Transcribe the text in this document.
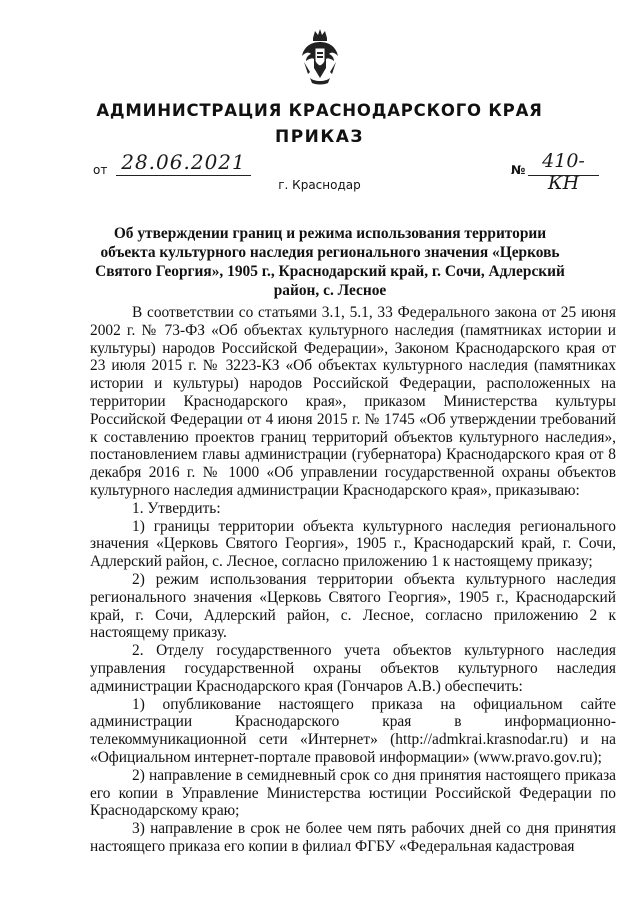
АДМИНИСТРАЦИЯ КРАСНОДАРСКОГО КРАЯ
ПРИКАЗ
от 28.06.2021	№ 410-КН
г. Краснодар
Об утверждении границ и режима использования территории объекта культурного наследия регионального значения «Церковь Святого Георгия», 1905 г., Краснодарский край, г. Сочи, Адлерский район, с. Лесное

В соответствии со статьями 3.1, 5.1, 33 Федерального закона от 25 июня 2002 г. № 73-ФЗ «Об объектах культурного наследия (памятниках истории и культуры) народов Российской Федерации», Законом Краснодарского края от 23 июля 2015 г. № 3223-КЗ «Об объектах культурного наследия (памятниках истории и культуры) народов Российской Федерации, расположенных на территории Краснодарского края», приказом Министерства культуры Российской Федерации от 4 июня 2015 г. № 1745 «Об утверждении требований к составлению проектов границ территорий объектов культурного наследия», постановлением главы администрации (губернатора) Краснодарского края от 8 декабря 2016 г. № 1000 «Об управлении государственной охраны объектов культурного наследия администрации Краснодарского края», приказываю:

1. Утвердить:

1) границы территории объекта культурного наследия регионального значения «Церковь Святого Георгия», 1905 г., Краснодарский край, г. Сочи, Адлерский район, с. Лесное, согласно приложению 1 к настоящему приказу;

2) режим использования территории объекта культурного наследия регионального значения «Церковь Святого Георгия», 1905 г., Краснодарский край, г. Сочи, Адлерский район, с. Лесное, согласно приложению 2 к настоящему приказу.

2. Отделу государственного учета объектов культурного наследия управления государственной охраны объектов культурного наследия администрации Краснодарского края (Гончаров А.В.) обеспечить:

1) опубликование настоящего приказа на официальном сайте администрации Краснодарского края в информационно-телекоммуникационной сети «Интернет» (http://admkrai.krasnodar.ru) и на «Официальном интернет-портале правовой информации» (www.pravo.gov.ru);

2) направление в семидневный срок со дня принятия настоящего приказа его копии в Управление Министерства юстиции Российской Федерации по Краснодарскому краю;

3) направление в срок не более чем пять рабочих дней со дня принятия настоящего приказа его копии в филиал ФГБУ «Федеральная кадастровая
